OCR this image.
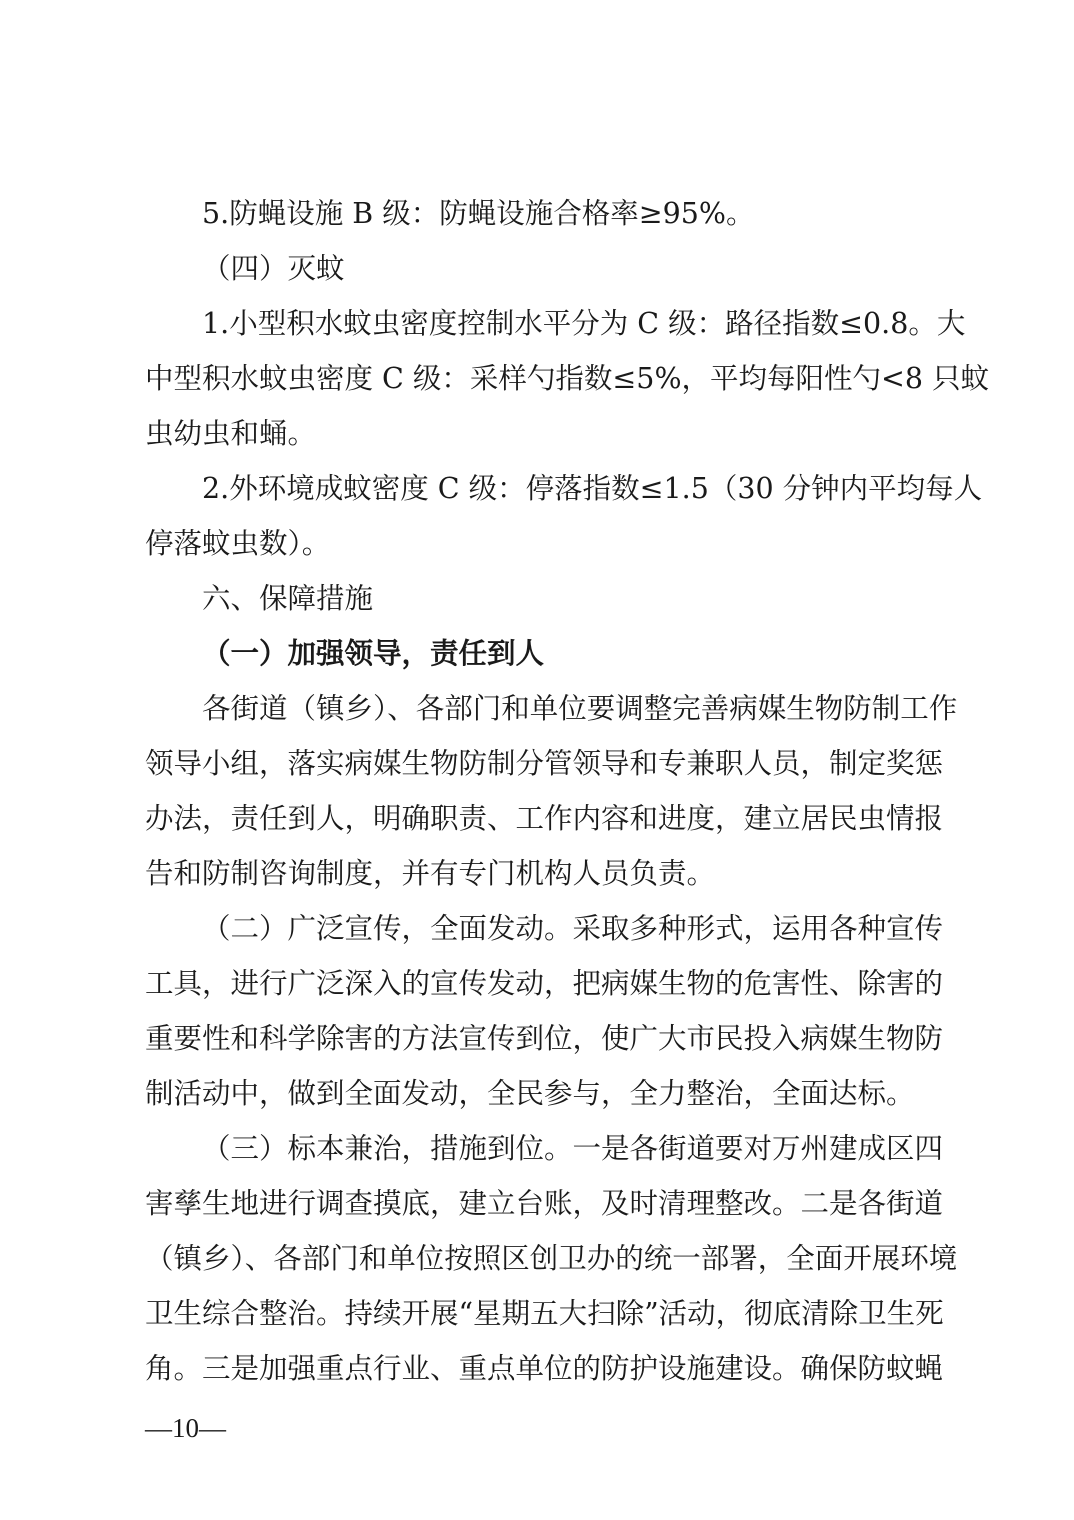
5.防蝇设施 B 级：防蝇设施合格率≥95%。
（四）灭蚊
1.小型积水蚊虫密度控制水平分为 C 级：路径指数≤0.8。大
中型积水蚊虫密度 C 级：采样勺指数≤5%，平均每阳性勺<8 只蚊
虫幼虫和蛹。
2.外环境成蚊密度 C 级：停落指数≤1.5（30 分钟内平均每人
停落蚊虫数）。
六、保障措施
（一）加强领导，责任到人
各街道（镇乡）、各部门和单位要调整完善病媒生物防制工作
领导小组，落实病媒生物防制分管领导和专兼职人员，制定奖惩
办法，责任到人，明确职责、工作内容和进度，建立居民虫情报
告和防制咨询制度，并有专门机构人员负责。
（二）广泛宣传，全面发动。采取多种形式，运用各种宣传
工具，进行广泛深入的宣传发动，把病媒生物的危害性、除害的
重要性和科学除害的方法宣传到位，使广大市民投入病媒生物防
制活动中，做到全面发动，全民参与，全力整治，全面达标。
（三）标本兼治，措施到位。一是各街道要对万州建成区四
害孳生地进行调查摸底，建立台账，及时清理整改。二是各街道
（镇乡）、各部门和单位按照区创卫办的统一部署，全面开展环境
卫生综合整治。持续开展“星期五大扫除”活动，彻底清除卫生死
角。三是加强重点行业、重点单位的防护设施建设。确保防蚊蝇
—10—
